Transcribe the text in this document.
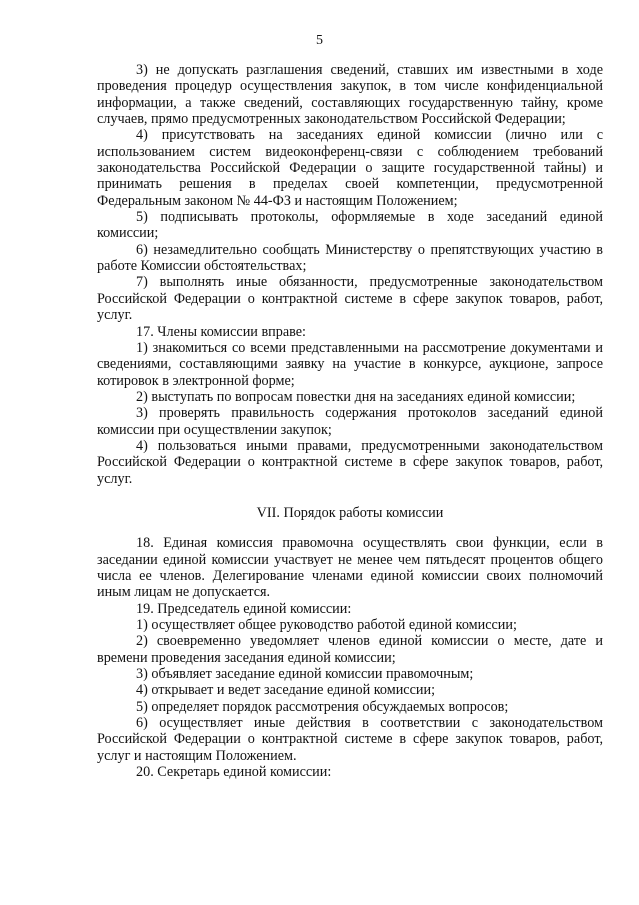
5

3) не допускать разглашения сведений, ставших им известными в ходе проведения процедур осуществления закупок, в том числе конфиденциальной информации, а также сведений, составляющих государственную тайну, кроме случаев, прямо предусмотренных законодательством Российской Федерации;

4) присутствовать на заседаниях единой комиссии (лично или с использованием систем видеоконференц-связи с соблюдением требований законодательства Российской Федерации о защите государственной тайны) и принимать решения в пределах своей компетенции, предусмотренной Федеральным законом № 44-ФЗ и настоящим Положением;

5) подписывать протоколы, оформляемые в ходе заседаний единой комиссии;

6) незамедлительно сообщать Министерству о препятствующих участию в работе Комиссии обстоятельствах;

7) выполнять иные обязанности, предусмотренные законодательством Российской Федерации о контрактной системе в сфере закупок товаров, работ, услуг.

17. Члены комиссии вправе:

1) знакомиться со всеми представленными на рассмотрение документами и сведениями, составляющими заявку на участие в конкурсе, аукционе, запросе котировок в электронной форме;

2) выступать по вопросам повестки дня на заседаниях единой комиссии;

3) проверять правильность содержания протоколов заседаний единой комиссии при осуществлении закупок;

4) пользоваться иными правами, предусмотренными законодательством Российской Федерации о контрактной системе в сфере закупок товаров, работ, услуг.

VII. Порядок работы комиссии

18. Единая комиссия правомочна осуществлять свои функции, если в заседании единой комиссии участвует не менее чем пятьдесят процентов общего числа ее членов. Делегирование членами единой комиссии своих полномочий иным лицам не допускается.

19. Председатель единой комиссии:

1) осуществляет общее руководство работой единой комиссии;

2) своевременно уведомляет членов единой комиссии о месте, дате и времени проведения заседания единой комиссии;

3) объявляет заседание единой комиссии правомочным;

4) открывает и ведет заседание единой комиссии;

5) определяет порядок рассмотрения обсуждаемых вопросов;

6) осуществляет иные действия в соответствии с законодательством Российской Федерации о контрактной системе в сфере закупок товаров, работ, услуг и настоящим Положением.

20. Секретарь единой комиссии:
